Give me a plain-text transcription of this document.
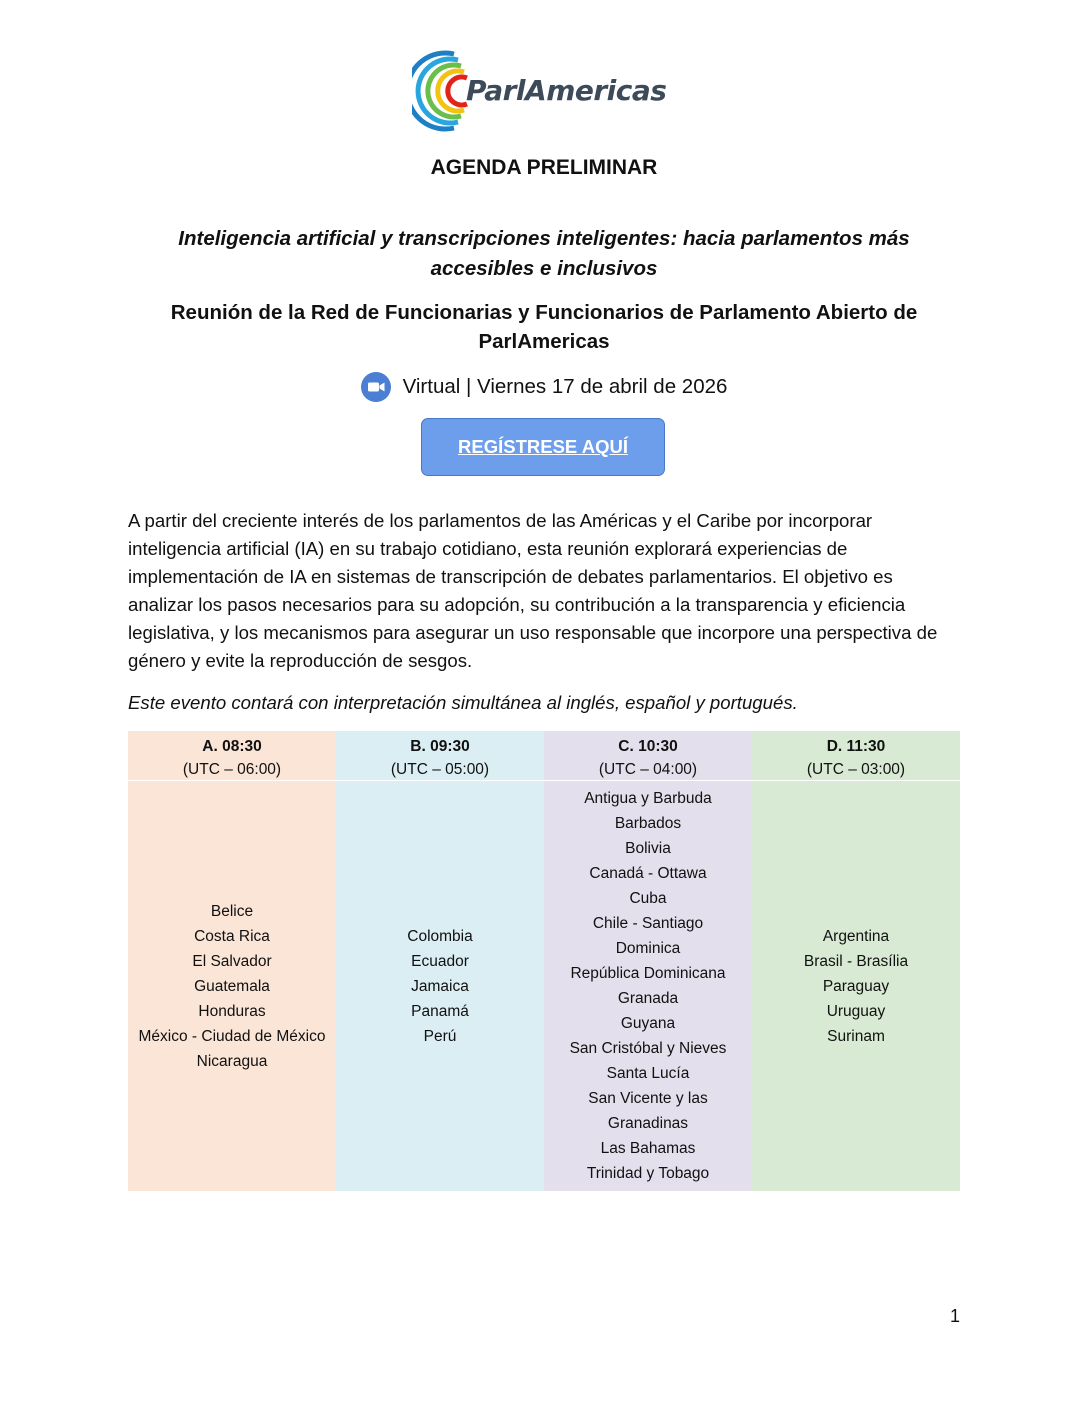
ParlAmericas
AGENDA PRELIMINAR
Inteligencia artificial y transcripciones inteligentes: hacia parlamentos más accesibles e inclusivos
Reunión de la Red de Funcionarias y Funcionarios de Parlamento Abierto de ParlAmericas
Virtual | Viernes 17 de abril de 2026
REGÍSTRESE AQUÍ

A partir del creciente interés de los parlamentos de las Américas y el Caribe por incorporar inteligencia artificial (IA) en su trabajo cotidiano, esta reunión explorará experiencias de implementación de IA en sistemas de transcripción de debates parlamentarios. El objetivo es analizar los pasos necesarios para su adopción, su contribución a la transparencia y eficiencia legislativa, y los mecanismos para asegurar un uso responsable que incorpore una perspectiva de género y evite la reproducción de sesgos.

Este evento contará con interpretación simultánea al inglés, español y portugués.

A. 08:30
(UTC – 06:00)
Belice
Costa Rica
El Salvador
Guatemala
Honduras
México - Ciudad de México
Nicaragua
B. 09:30
(UTC – 05:00)
Colombia
Ecuador
Jamaica
Panamá
Perú
C. 10:30
(UTC – 04:00)
Antigua y Barbuda
Barbados
Bolivia
Canadá - Ottawa
Cuba
Chile - Santiago
Dominica
República Dominicana
Granada
Guyana
San Cristóbal y Nieves
Santa Lucía
San Vicente y las Granadinas
Las Bahamas
Trinidad y Tobago
D. 11:30
(UTC – 03:00)
Argentina
Brasil - Brasília
Paraguay
Uruguay
Surinam
1
